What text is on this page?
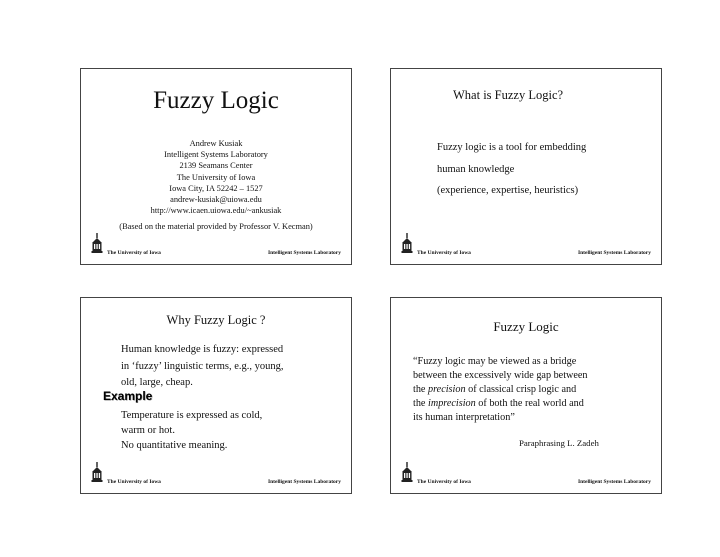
Fuzzy Logic
Andrew Kusiak
Intelligent Systems Laboratory
2139 Seamans Center
The University of Iowa
Iowa City, IA 52242 – 1527
andrew-kusiak@uiowa.edu
http://www.icaen.uiowa.edu/~ankusiak
(Based on the material provided by Professor V. Kecman)
The University of Iowa	Intelligent Systems Laboratory
What is Fuzzy Logic?
Fuzzy logic is a tool for embedding
human knowledge
(experience, expertise, heuristics)
The University of Iowa	Intelligent Systems Laboratory
Why Fuzzy Logic ?
Human knowledge is fuzzy: expressed
in ‘fuzzy’ linguistic terms, e.g., young,
old, large, cheap.
Example
Temperature is expressed as cold,
warm or hot.
No quantitative meaning.
The University of Iowa	Intelligent Systems Laboratory
Fuzzy Logic
“Fuzzy logic may be viewed as a bridge
between the excessively wide gap between
the precision of classical crisp logic and
the imprecision of both the real world and
its human interpretation”
Paraphrasing L. Zadeh
The University of Iowa	Intelligent Systems Laboratory
